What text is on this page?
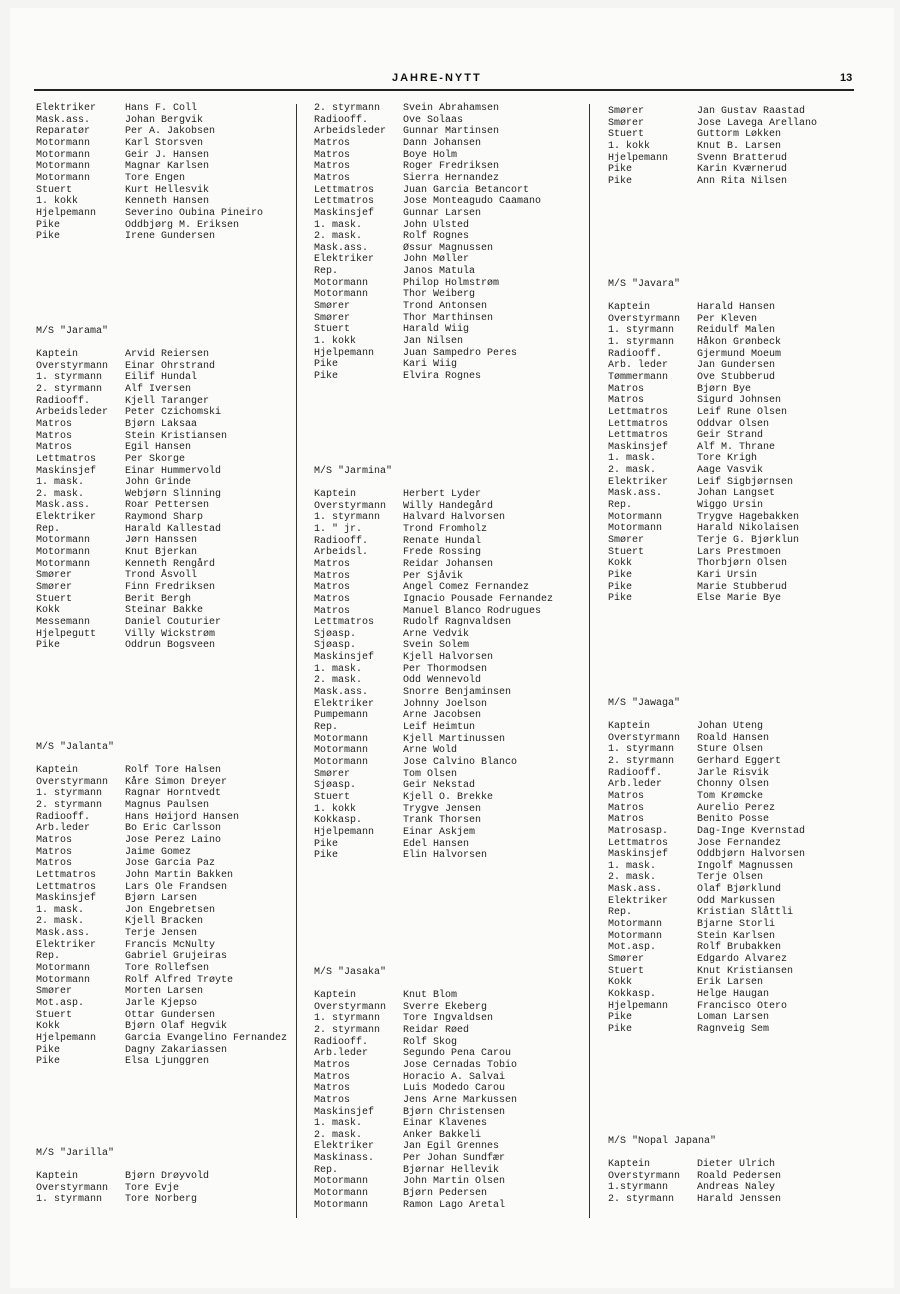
JAHRE-NYTT	13
Elektriker	Hans F. Coll
Mask.ass.	Johan Bergvik
Reparatør	Per A. Jakobsen
Motormann	Karl Storsven
Motormann	Geir J. Hansen
Motormann	Magnar Karlsen
Motormann	Tore Engen
Stuert	Kurt Hellesvik
1. kokk	Kenneth Hansen
Hjelpemann	Severino Oubina Pineiro
Pike	Oddbjørg M. Eriksen
Pike	Irene Gundersen
M/S "Jarama"
Kaptein	Arvid Reiersen
Overstyrmann Einar Ohrstrand
1. styrmann Eilif Hundal
2. styrmann Alf Iversen
Radiooff.	Kjell Taranger
Arbeidsleder Peter Czichomski
Matros	Bjørn Laksaa
Matros	Stein Kristiansen
Matros	Egil Hansen
Lettmatros	Per Skorge
Maskinsjef	Einar Hummervold
1. mask.	John Grinde
2. mask.	Webjørn Slinning
Mask.ass.	Roar Pettersen
Elektriker	Raymond Sharp
Rep.	Harald Kallestad
Motormann	Jørn Hanssen
Motormann	Knut Bjerkan
Motormann	Kenneth Rengård
Smører	Trond Åsvoll
Smører	Finn Fredriksen
Stuert	Berit Bergh
Kokk	Steinar Bakke
Messemann	Daniel Couturier
Hjelpegutt	Villy Wickstrøm
Pike	Oddrun Bogsveen
M/S "Jalanta"
Kaptein	Rolf Tore Halsen
Overstyrmann Kåre Simon Dreyer
1. styrmann Ragnar Horntvedt
2. styrmann Magnus Paulsen
Radiooff.	Hans Høijord Hansen
Arb.leder	Bo Eric Carlsson
Matros	Jose Perez Laino
Matros	Jaime Gomez
Matros	Jose Garcia Paz
Lettmatros	John Martin Bakken
Lettmatros	Lars Ole Frandsen
Maskinsjef	Bjørn Larsen
1. mask.	Jon Engebretsen
2. mask.	Kjell Bracken
Mask.ass.	Terje Jensen
Elektriker	Francis McNulty
Rep.	Gabriel Grujeiras
Motormann	Tore Rollefsen
Motormann	Rolf Alfred Trøyte
Smører	Morten Larsen
Mot.asp.	Jarle Kjepso
Stuert	Ottar Gundersen
Kokk	Bjørn Olaf Hegvik
Hjelpemann	Garcia Evangelino Fernandez
Pike	Dagny Zakariassen
Pike	Elsa Ljunggren
M/S "Jarilla"
Kaptein	Bjørn Drøyvold
Overstyrmann Tore Evje
1. styrmann Tore Norberg
2. styrmann Svein Abrahamsen
Radiooff.	Ove Solaas
Arbeidsleder Gunnar Martinsen
Matros	Dann Johansen
Matros	Boye Holm
Matros	Roger Fredriksen
Matros	Sierra Hernandez
Lettmatros	Juan Garcia Betancort
Lettmatros	Jose Monteagudo Caamano
Maskinsjef	Gunnar Larsen
1. mask.	John Ulsted
2. mask.	Rolf Rognes
Mask.ass.	Øssur Magnussen
Elektriker	John Møller
Rep.	Janos Matula
Motormann	Philop Holmstrøm
Motormann	Thor Weiberg
Smører	Trond Antonsen
Smører	Thor Marthinsen
Stuert	Harald Wiig
1. kokk	Jan Nilsen
Hjelpemann	Juan Sampedro Peres
Pike	Kari Wiig
Pike	Elvira Rognes
M/S "Jarmina"
Kaptein	Herbert Lyder
Overstyrmann Willy Handegård
1. styrmann Halvard Halvorsen
1. " jr.	Trond Fromholz
Radiooff.	Renate Hundal
Arbeidsl.	Frede Rossing
Matros	Reidar Johansen
Matros	Per Sjåvik
Matros	Angel Comez Fernandez
Matros	Ignacio Pousade Fernandez
Matros	Manuel Blanco Rodrugues
Lettmatros	Rudolf Ragnvaldsen
Sjøasp.	Arne Vedvik
Sjøasp.	Svein Solem
Maskinsjef	Kjell Halvorsen
1. mask.	Per Thormodsen
2. mask.	Odd Wennevold
Mask.ass.	Snorre Benjaminsen
Elektriker	Johnny Joelson
Pumpemann	Arne Jacobsen
Rep.	Leif Heimtun
Motormann	Kjell Martinussen
Motormann	Arne Wold
Motormann	Jose Calvino Blanco
Smører	Tom Olsen
Sjøasp.	Geir Nekstad
Stuert	Kjell O. Brekke
1. kokk	Trygve Jensen
Kokkasp.	Trank Thorsen
Hjelpemann	Einar Askjem
Pike	Edel Hansen
Pike	Elin Halvorsen
M/S "Jasaka"
Kaptein	Knut Blom
Overstyrmann Sverre Ekeberg
1. styrmann Tore Ingvaldsen
2. styrmann Reidar Røed
Radiooff.	Rolf Skog
Arb.leder	Segundo Pena Carou
Matros	Jose Cernadas Tobio
Matros	Horacio A. Salvai
Matros	Luis Modedo Carou
Matros	Jens Arne Markussen
Maskinsjef	Bjørn Christensen
1. mask.	Einar Klavenes
2. mask.	Anker Bakkeli
Elektriker	Jan Egil Grennes
Maskinass.	Per Johan Sundfær
Rep.	Bjørnar Hellevik
Motormann	John Martin Olsen
Motormann	Bjørn Pedersen
Motormann	Ramon Lago Aretal
Smører	Jan Gustav Raastad
Smører	Jose Lavega Arellano
Stuert	Guttorm Løkken
1. kokk	Knut B. Larsen
Hjelpemann	Svenn Bratterud
Pike	Karin Kværnerud
Pike	Ann Rita Nilsen
M/S "Javara"
Kaptein	Harald Hansen
Overstyrmann Per Kleven
1. styrmann Reidulf Malen
1. styrmann Håkon Grønbeck
Radiooff.	Gjermund Moeum
Arb. leder	Jan Gundersen
Tømmermann	Ove Stubberud
Matros	Bjørn Bye
Matros	Sigurd Johnsen
Lettmatros	Leif Rune Olsen
Lettmatros	Oddvar Olsen
Lettmatros	Geir Strand
Maskinsjef	Alf M. Thrane
1. mask.	Tore Krigh
2. mask.	Aage Vasvik
Elektriker	Leif Sigbjørnsen
Mask.ass.	Johan Langset
Rep.	Wiggo Ursin
Motormann	Trygve Hagebakken
Motormann	Harald Nikolaisen
Smører	Terje G. Bjørklun
Stuert	Lars Prestmoen
Kokk	Thorbjørn Olsen
Pike	Kari Ursin
Pike	Marie Stubberud
Pike	Else Marie Bye
M/S "Jawaga"
Kaptein	Johan Uteng
Overstyrmann Roald Hansen
1. styrmann Sture Olsen
2. styrmann Gerhard Eggert
Radiooff.	Jarle Risvik
Arb.leder	Chonny Olsen
Matros	Tom Krømcke
Matros	Aurelio Perez
Matros	Benito Posse
Matrosasp.	Dag-Inge Kvernstad
Lettmatros	Jose Fernandez
Maskinsjef	Oddbjørn Halvorsen
1. mask.	Ingolf Magnussen
2. mask.	Terje Olsen
Mask.ass.	Olaf Bjørklund
Elektriker	Odd Markussen
Rep.	Kristian Slåttli
Motormann	Bjarne Storli
Motormann	Stein Karlsen
Mot.asp.	Rolf Brubakken
Smører	Edgardo Alvarez
Stuert	Knut Kristiansen
Kokk	Erik Larsen
Kokkasp.	Helge Haugan
Hjelpemann	Francisco Otero
Pike	Loman Larsen
Pike	Ragnveig Sem
M/S "Nopal Japana"
Kaptein	Dieter Ulrich
Overstyrmann Roald Pedersen
1.styrmann	Andreas Naley
2. styrmann Harald Jenssen
